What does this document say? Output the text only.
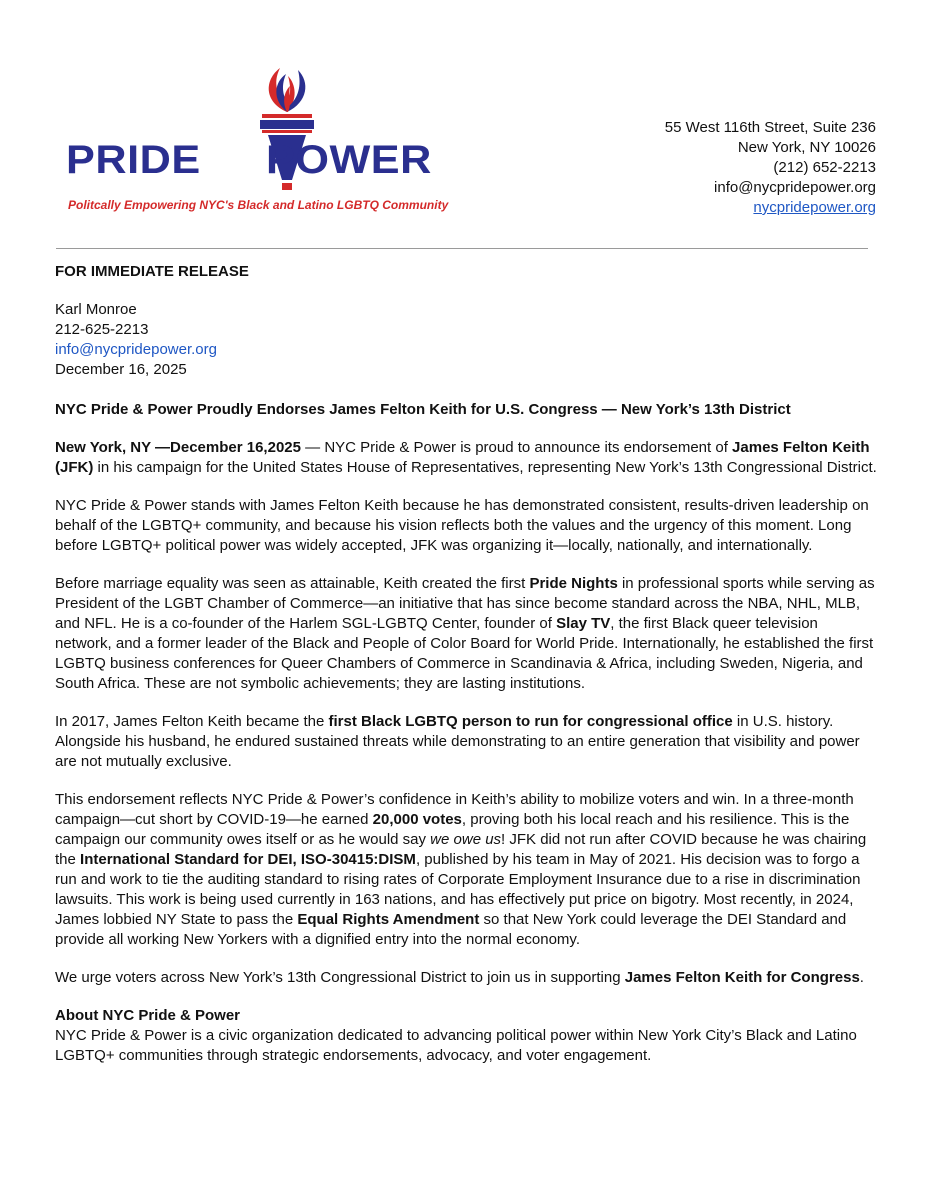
PRIDE POWER
Politcally Empowering NYC's Black and Latino LGBTQ Community
55 West 116th Street, Suite 236
New York, NY 10026
(212) 652-2213
info@nycpridepower.org
nycpridepower.org

FOR IMMEDIATE RELEASE

Karl Monroe

212-625-2213

info@nycpridepower.org

December 16, 2025

NYC Pride & Power Proudly Endorses James Felton Keith for U.S. Congress — New York’s 13th District

New York, NY —December 16,2025 — NYC Pride & Power is proud to announce its endorsement of James Felton Keith (JFK) in his campaign for the United States House of Representatives, representing New York’s 13th Congressional District.

NYC Pride & Power stands with James Felton Keith because he has demonstrated consistent, results-driven leadership on behalf of the LGBTQ+ community, and because his vision reflects both the values and the urgency of this moment. Long before LGBTQ+ political power was widely accepted, JFK was organizing it—locally, nationally, and internationally.

Before marriage equality was seen as attainable, Keith created the first Pride Nights in professional sports while serving as President of the LGBT Chamber of Commerce—an initiative that has since become standard across the NBA, NHL, MLB, and NFL. He is a co-founder of the Harlem SGL-LGBTQ Center, founder of Slay TV, the first Black queer television network, and a former leader of the Black and People of Color Board for World Pride. Internationally, he established the first LGBTQ business conferences for Queer Chambers of Commerce in Scandinavia & Africa, including Sweden, Nigeria, and South Africa. These are not symbolic achievements; they are lasting institutions.

In 2017, James Felton Keith became the first Black LGBTQ person to run for congressional office in U.S. history. Alongside his husband, he endured sustained threats while demonstrating to an entire generation that visibility and power are not mutually exclusive.

This endorsement reflects NYC Pride & Power’s confidence in Keith’s ability to mobilize voters and win. In a three-month campaign—cut short by COVID-19—he earned 20,000 votes, proving both his local reach and his resilience. This is the campaign our community owes itself or as he would say we owe us! JFK did not run after COVID because he was chairing the International Standard for DEI, ISO-30415:DISM, published by his team in May of 2021. His decision was to forgo a run and work to tie the auditing standard to rising rates of Corporate Employment Insurance due to a rise in discrimination lawsuits. This work is being used currently in 163 nations, and has effectively put price on bigotry. Most recently, in 2024, James lobbied NY State to pass the Equal Rights Amendment so that New York could leverage the DEI Standard and provide all working New Yorkers with a dignified entry into the normal economy.

We urge voters across New York’s 13th Congressional District to join us in supporting James Felton Keith for Congress.

About NYC Pride & Power

NYC Pride & Power is a civic organization dedicated to advancing political power within New York City’s Black and Latino LGBTQ+ communities through strategic endorsements, advocacy, and voter engagement.
